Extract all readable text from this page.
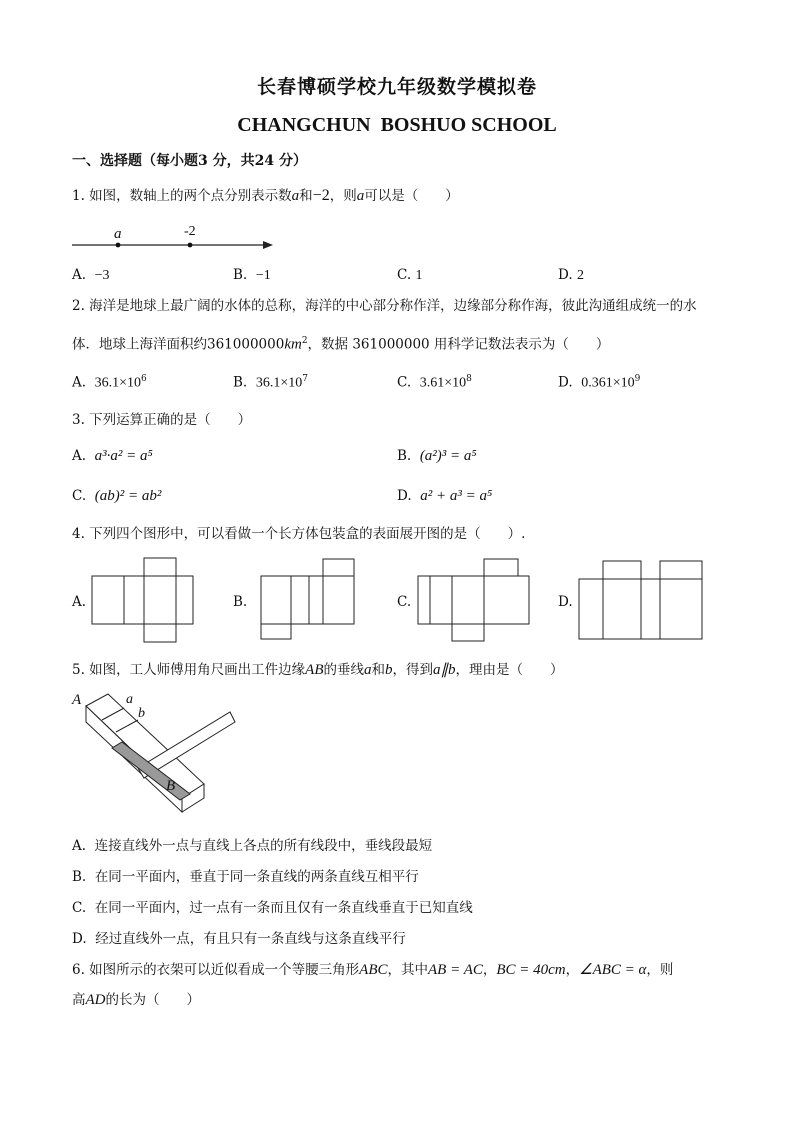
长春博硕学校九年级数学模拟卷
CHANGCHUN  BOSHUO SCHOOL
一、选择题（每小题3 分，共24 分）
1. 如图，数轴上的两个点分别表示数a和−2，则a可以是（　　）
a	-2
A. −3	B. −1	C. 1	D. 2
2. 海洋是地球上最广阔的水体的总称，海洋的中心部分称作洋，边缘部分称作海，彼此沟通组成统一的水
体．地球上海洋面积约$361000000km^2$，数据 361000000 用科学记数法表示为（　　）
A. $36.1\times 10^6$	B. $36.1\times 10^7$	C. $3.61\times 10^8$	D. $0.361\times 10^9$
3. 下列运算正确的是（　　）
A. a³·a² = a⁵	B. (a²)³ = a⁵
C. (ab)² = ab²	D. a² + a³ = a⁵
4. 下列四个图形中，可以看做一个长方体包装盒的表面展开图的是（　　）.
A.	B.	C.	D.
5. 如图，工人师傅用角尺画出工件边缘AB的垂线a和b，得到a∥b，理由是（　　）
A	a
b
B
A. 连接直线外一点与直线上各点的所有线段中，垂线段最短
B. 在同一平面内，垂直于同一条直线的两条直线互相平行
C. 在同一平面内，过一点有一条而且仅有一条直线垂直于已知直线
D. 经过直线外一点，有且只有一条直线与这条直线平行
6. 如图所示的衣架可以近似看成一个等腰三角形ABC，其中AB = AC，BC = 40cm，∠ABC = α，则
高AD的长为（　　）
